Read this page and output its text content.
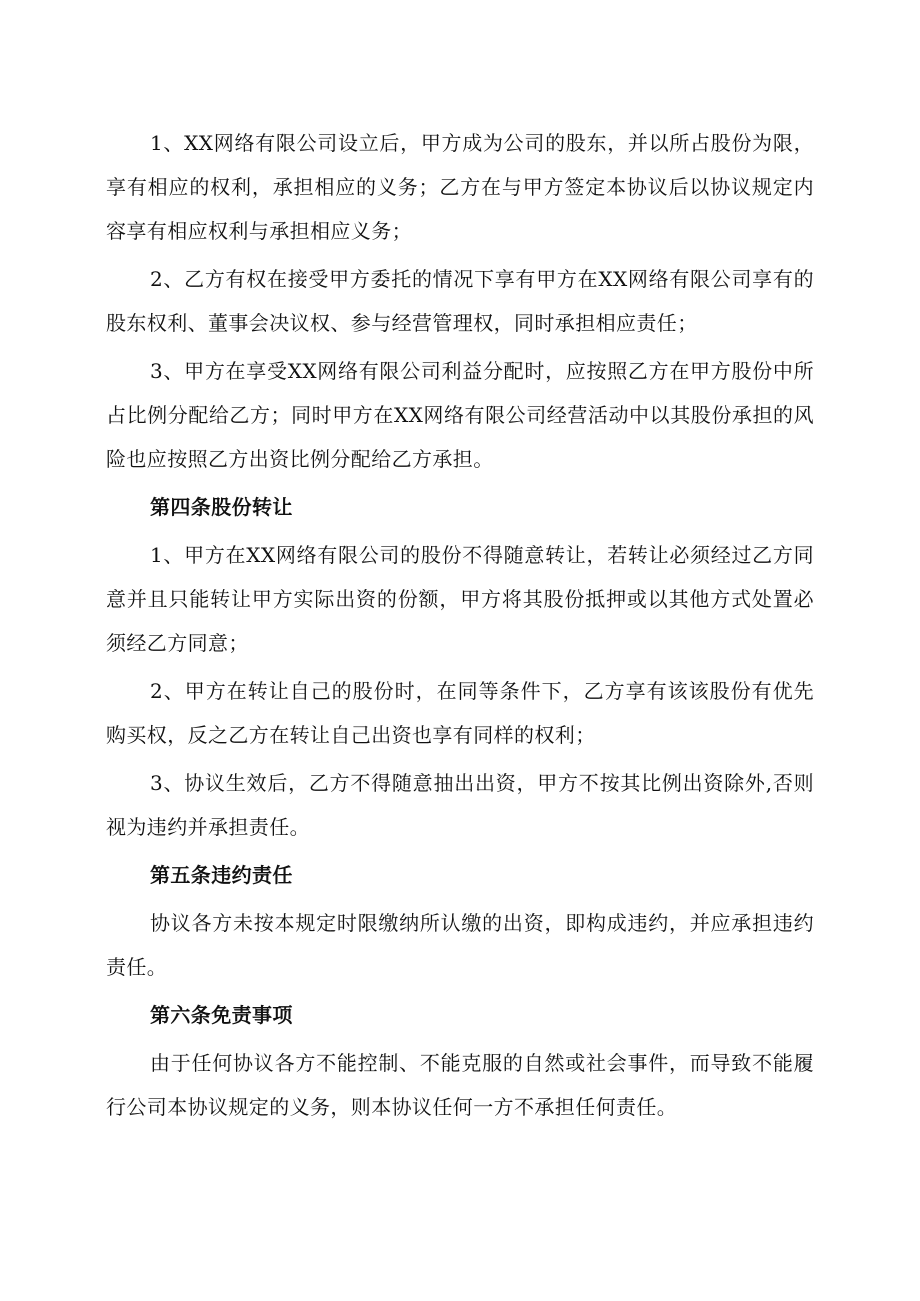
1、XX网络有限公司设立后，甲方成为公司的股东，并以所占股份为限，享有相应的权利，承担相应的义务；乙方在与甲方签定本协议后以协议规定内容享有相应权利与承担相应义务；

2、乙方有权在接受甲方委托的情况下享有甲方在XX网络有限公司享有的股东权利、董事会决议权、参与经营管理权，同时承担相应责任；

3、甲方在享受XX网络有限公司利益分配时，应按照乙方在甲方股份中所占比例分配给乙方；同时甲方在XX网络有限公司经营活动中以其股份承担的风险也应按照乙方出资比例分配给乙方承担。

第四条股份转让

1、甲方在XX网络有限公司的股份不得随意转让，若转让必须经过乙方同意并且只能转让甲方实际出资的份额，甲方将其股份抵押或以其他方式处置必须经乙方同意；

2、甲方在转让自己的股份时，在同等条件下，乙方享有该该股份有优先购买权，反之乙方在转让自己出资也享有同样的权利；

3、协议生效后，乙方不得随意抽出出资，甲方不按其比例出资除外,否则视为违约并承担责任。

第五条违约责任

协议各方未按本规定时限缴纳所认缴的出资，即构成违约，并应承担违约责任。

第六条免责事项

由于任何协议各方不能控制、不能克服的自然或社会事件，而导致不能履行公司本协议规定的义务，则本协议任何一方不承担任何责任。
